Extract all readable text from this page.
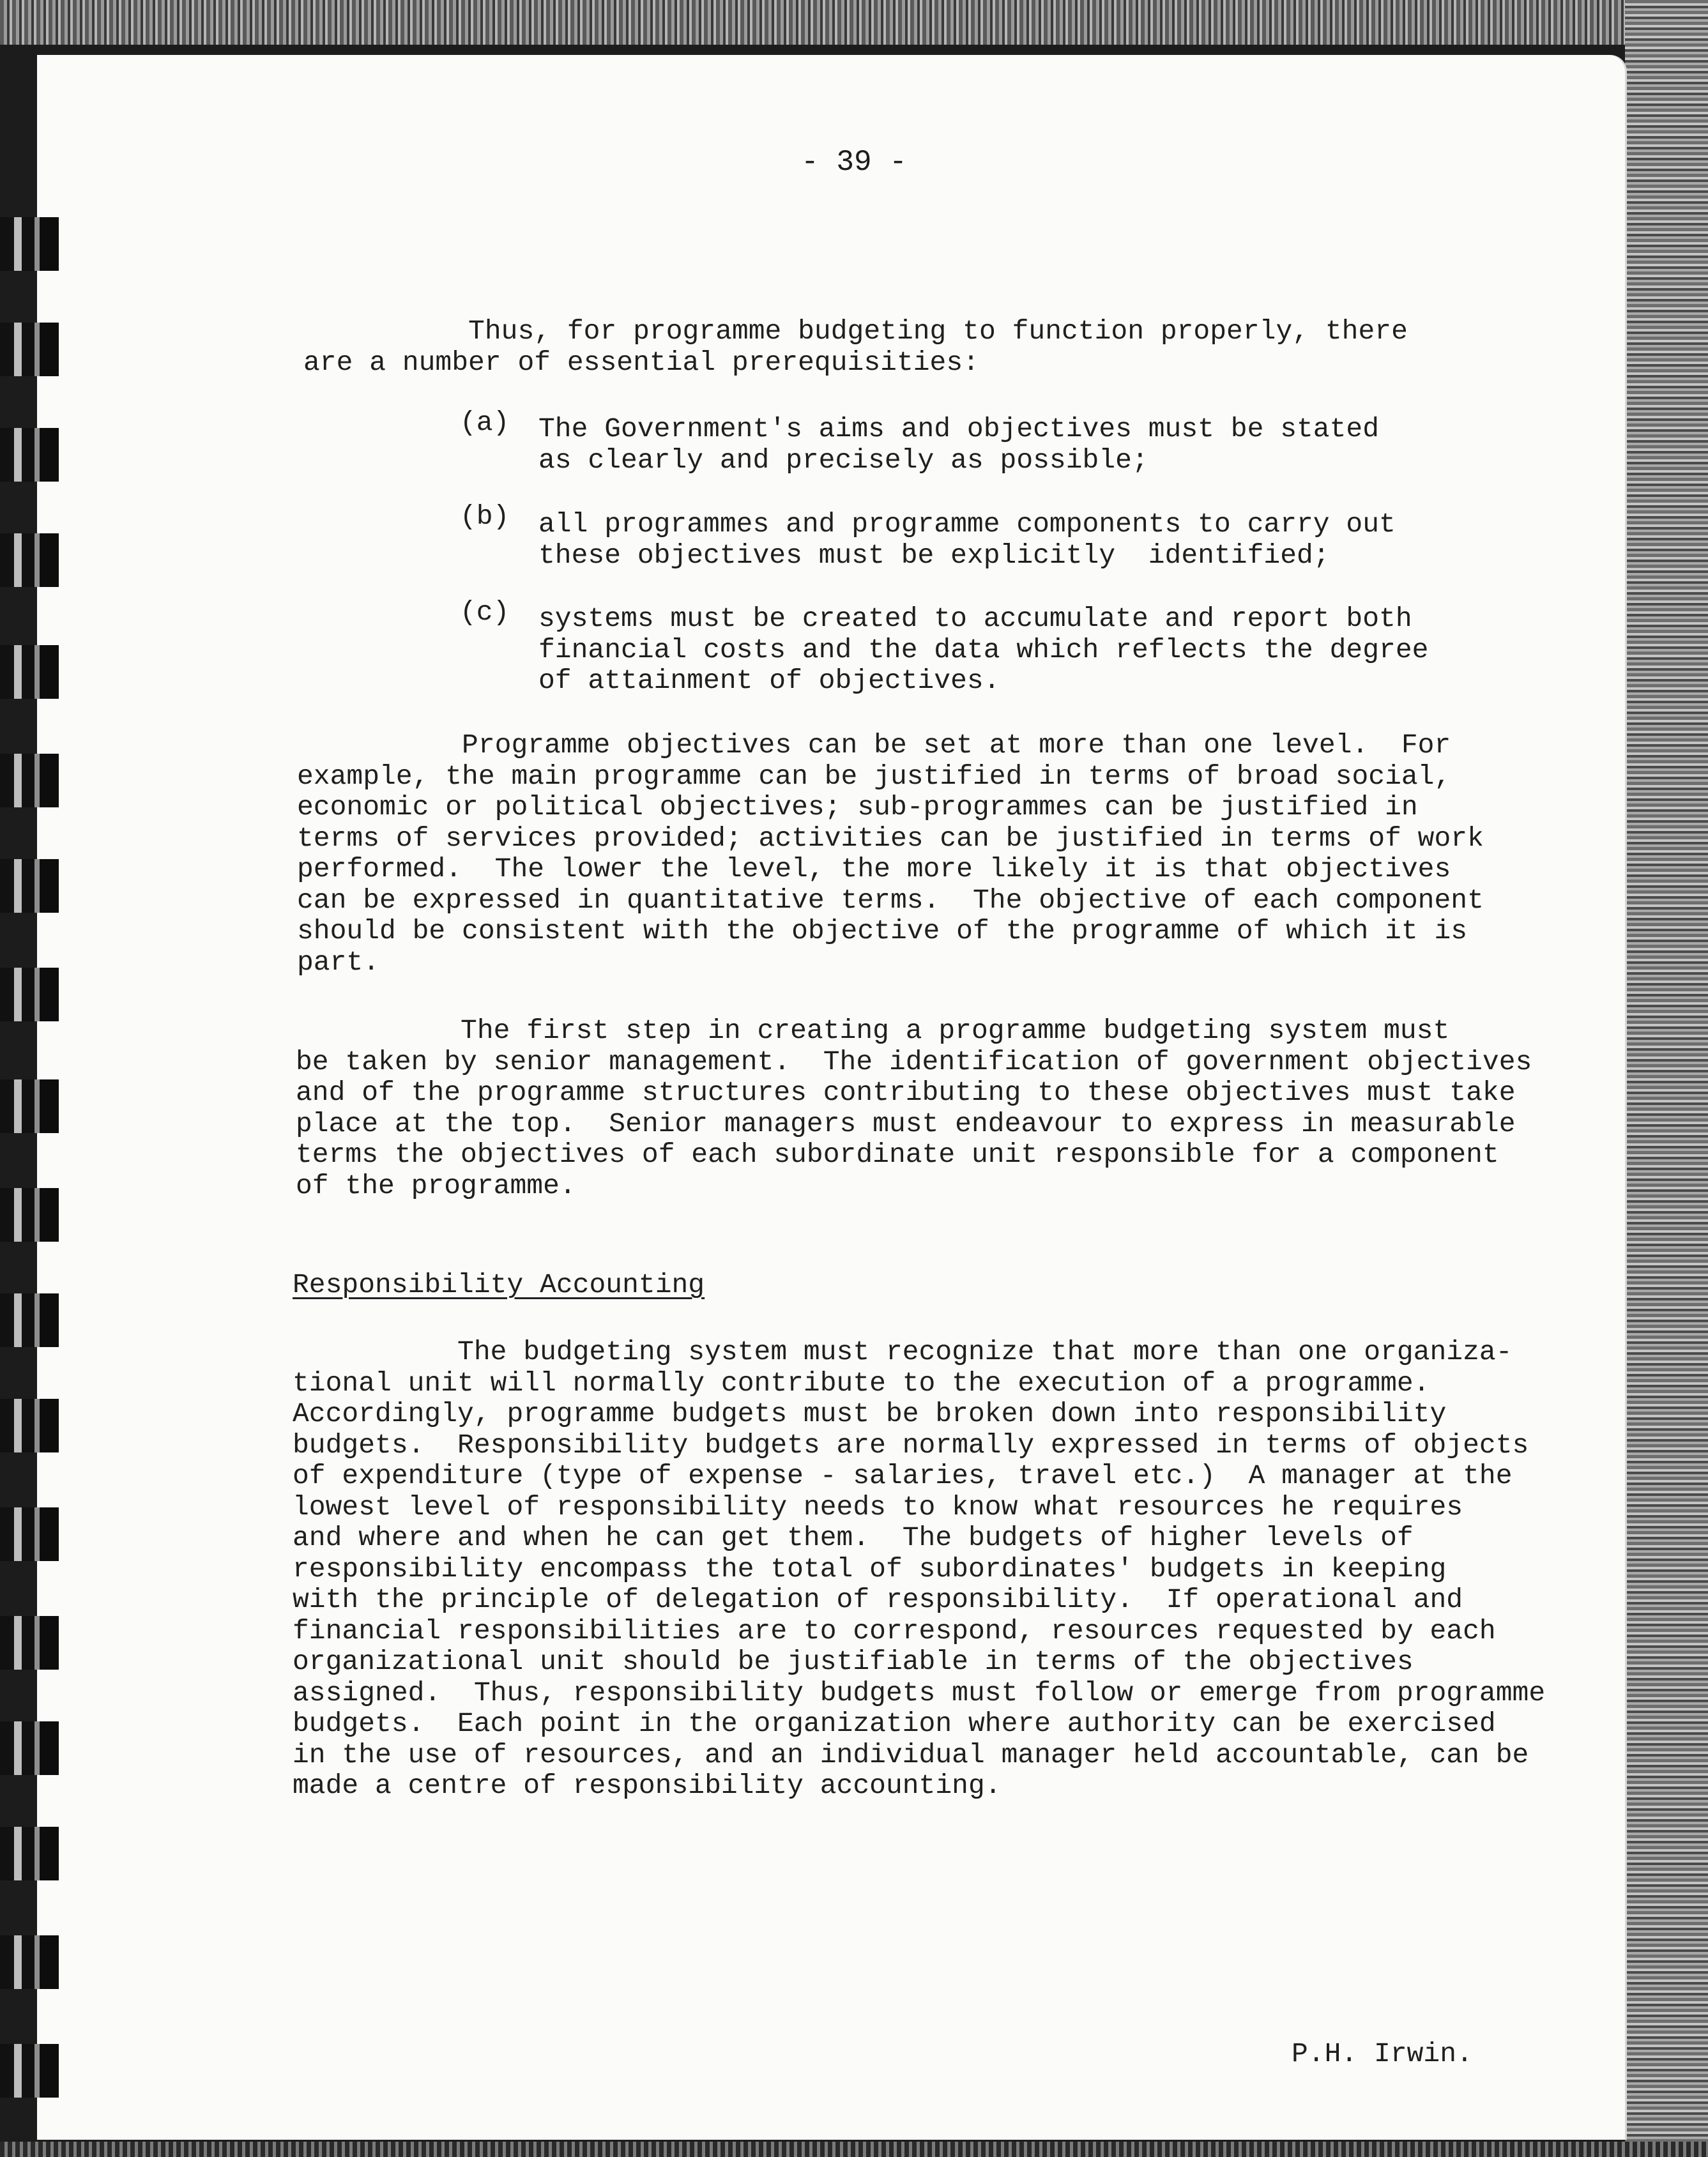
- 39 -

Thus, for programme budgeting to function properly, there
are a number of essential prerequisities:

(a) The Government's aims and objectives must be stated
as clearly and precisely as possible;

(b) all programmes and programme components to carry out
these objectives must be explicitly  identified;

(c) systems must be created to accumulate and report both
financial costs and the data which reflects the degree
of attainment of objectives.

Programme objectives can be set at more than one level.  For
example, the main programme can be justified in terms of broad social,
economic or political objectives; sub-programmes can be justified in
terms of services provided; activities can be justified in terms of work
performed.  The lower the level, the more likely it is that objectives
can be expressed in quantitative terms.  The objective of each component
should be consistent with the objective of the programme of which it is
part.

The first step in creating a programme budgeting system must
be taken by senior management.  The identification of government objectives
and of the programme structures contributing to these objectives must take
place at the top.  Senior managers must endeavour to express in measurable
terms the objectives of each subordinate unit responsible for a component
of the programme.

Responsibility Accounting

The budgeting system must recognize that more than one organiza-
tional unit will normally contribute to the execution of a programme.
Accordingly, programme budgets must be broken down into responsibility
budgets.  Responsibility budgets are normally expressed in terms of objects
of expenditure (type of expense - salaries, travel etc.)  A manager at the
lowest level of responsibility needs to know what resources he requires
and where and when he can get them.  The budgets of higher levels of
responsibility encompass the total of subordinates' budgets in keeping
with the principle of delegation of responsibility.  If operational and
financial responsibilities are to correspond, resources requested by each
organizational unit should be justifiable in terms of the objectives
assigned.  Thus, responsibility budgets must follow or emerge from programme
budgets.  Each point in the organization where authority can be exercised
in the use of resources, and an individual manager held accountable, can be
made a centre of responsibility accounting.

P.H. Irwin.
